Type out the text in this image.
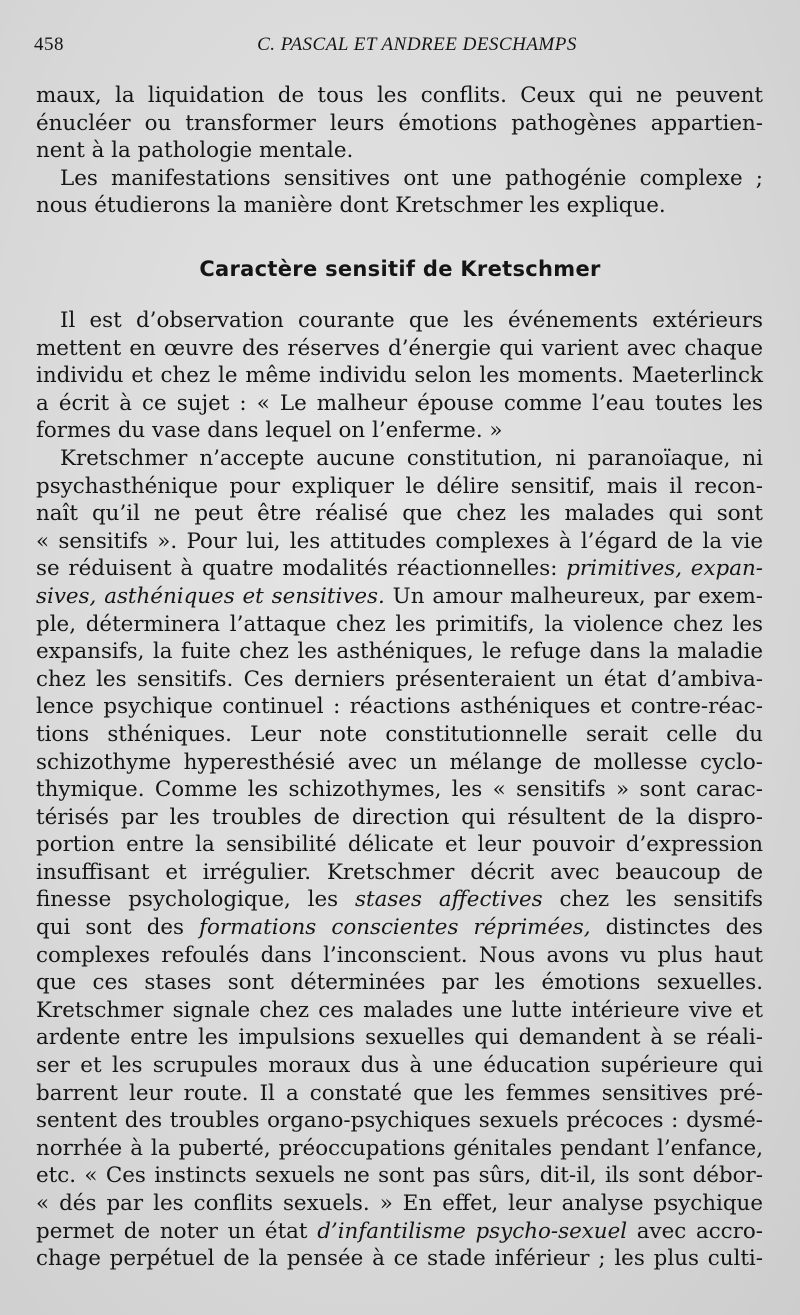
458	C. PASCAL ET ANDREE DESCHAMPS
maux, la liquidation de tous les conflits. Ceux qui ne peuvent
énucléer ou transformer leurs émotions pathogènes appartien-
nent à la pathologie mentale.
Les manifestations sensitives ont une pathogénie complexe ;
nous étudierons la manière dont Kretschmer les explique.
Caractère sensitif de Kretschmer
Il est d’observation courante que les événements extérieurs
mettent en œuvre des réserves d’énergie qui varient avec chaque
individu et chez le même individu selon les moments. Maeterlinck
a écrit à ce sujet : « Le malheur épouse comme l’eau toutes les
formes du vase dans lequel on l’enferme. »
Kretschmer n’accepte aucune constitution, ni paranoïaque, ni
psychasthénique pour expliquer le délire sensitif, mais il recon-
naît qu’il ne peut être réalisé que chez les malades qui sont
« sensitifs ». Pour lui, les attitudes complexes à l’égard de la vie
se réduisent à quatre modalités réactionnelles: primitives, expan-
sives, asthéniques et sensitives. Un amour malheureux, par exem-
ple, déterminera l’attaque chez les primitifs, la violence chez les
expansifs, la fuite chez les asthéniques, le refuge dans la maladie
chez les sensitifs. Ces derniers présenteraient un état d’ambiva-
lence psychique continuel : réactions asthéniques et contre-réac-
tions sthéniques. Leur note constitutionnelle serait celle du
schizothyme hyperesthésié avec un mélange de mollesse cyclo-
thymique. Comme les schizothymes, les « sensitifs » sont carac-
térisés par les troubles de direction qui résultent de la dispro-
portion entre la sensibilité délicate et leur pouvoir d’expression
insuffisant et irrégulier. Kretschmer décrit avec beaucoup de
finesse psychologique, les stases affectives chez les sensitifs
qui sont des formations conscientes réprimées, distinctes des
complexes refoulés dans l’inconscient. Nous avons vu plus haut
que ces stases sont déterminées par les émotions sexuelles.
Kretschmer signale chez ces malades une lutte intérieure vive et
ardente entre les impulsions sexuelles qui demandent à se réali-
ser et les scrupules moraux dus à une éducation supérieure qui
barrent leur route. Il a constaté que les femmes sensitives pré-
sentent des troubles organo-psychiques sexuels précoces : dysmé-
norrhée à la puberté, préoccupations génitales pendant l’enfance,
etc. « Ces instincts sexuels ne sont pas sûrs, dit-il, ils sont débor-
« dés par les conflits sexuels. » En effet, leur analyse psychique
permet de noter un état d’infantilisme psycho-sexuel avec accro-
chage perpétuel de la pensée à ce stade inférieur ; les plus culti-
